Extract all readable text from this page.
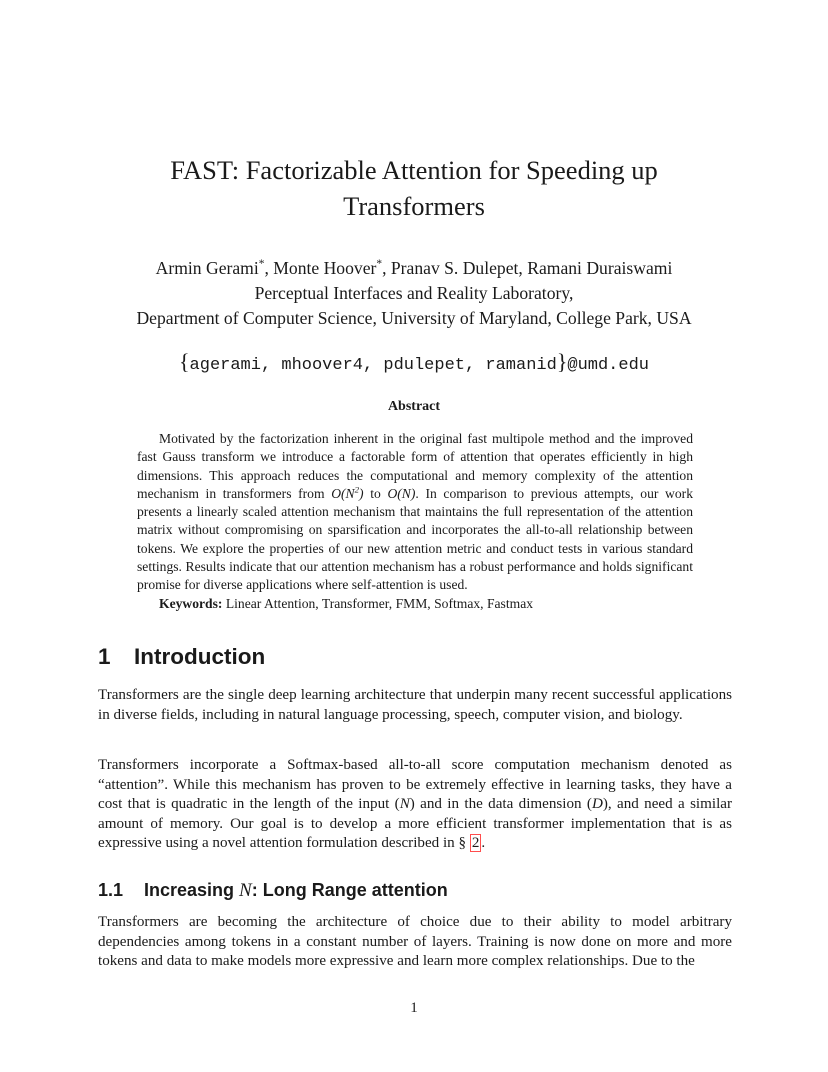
FAST: Factorizable Attention for Speeding up Transformers
Armin Gerami*, Monte Hoover*, Pranav S. Dulepet, Ramani Duraiswami
Perceptual Interfaces and Reality Laboratory,
Department of Computer Science, University of Maryland, College Park, USA
{agerami, mhoover4, pdulepet, ramanid}@umd.edu
Abstract

Motivated by the factorization inherent in the original fast multipole method and the improved fast Gauss transform we introduce a factorable form of attention that operates efficiently in high dimensions. This approach reduces the computational and memory complexity of the attention mechanism in transformers from $O(N^2)$ to O(N). In comparison to previous attempts, our work presents a linearly scaled attention mechanism that maintains the full representation of the attention matrix without compromising on sparsification and incorporates the all-to-all relationship between tokens. We explore the properties of our new attention metric and conduct tests in various standard settings. Results indicate that our attention mechanism has a robust performance and holds significant promise for diverse applications where self-attention is used.

Keywords: Linear Attention, Transformer, FMM, Softmax, Fastmax

1 Introduction

Transformers are the single deep learning architecture that underpin many recent successful applications in diverse fields, including in natural language processing, speech, computer vision, and biology.

Transformers incorporate a Softmax-based all-to-all score computation mechanism denoted as “attention”. While this mechanism has proven to be extremely effective in learning tasks, they have a cost that is quadratic in the length of the input (N) and in the data dimension (D), and need a similar amount of memory. Our goal is to develop a more efficient transformer implementation that is as expressive using a novel attention formulation described in § 2 .

1.1 Increasing N: Long Range attention

Transformers are becoming the architecture of choice due to their ability to model arbitrary dependencies among tokens in a constant number of layers. Training is now done on more and more tokens and data to make models more expressive and learn more complex relationships. Due to the

1
